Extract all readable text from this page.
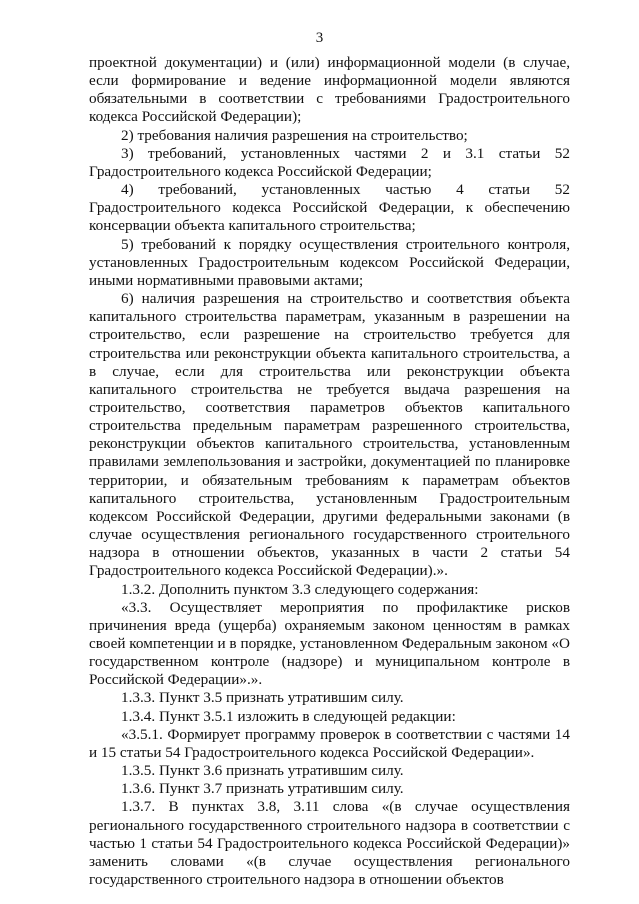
3

проектной документации) и (или) информационной модели (в случае, если формирование и ведение информационной модели являются обязательными в соответствии с требованиями Градостроительного кодекса Российской Федерации);

2) требования наличия разрешения на строительство;

3) требований, установленных частями 2 и 3.1 статьи 52 Градостроительного кодекса Российской Федерации;

4) требований, установленных частью 4 статьи 52 Градостроительного кодекса Российской Федерации, к обеспечению консервации объекта капитального строительства;

5) требований к порядку осуществления строительного контроля, установленных Градостроительным кодексом Российской Федерации, иными нормативными правовыми актами;

6) наличия разрешения на строительство и соответствия объекта капитального строительства параметрам, указанным в разрешении на строительство, если разрешение на строительство требуется для строительства или реконструкции объекта капитального строительства, а в случае, если для строительства или реконструкции объекта капитального строительства не требуется выдача разрешения на строительство, соответствия параметров объектов капитального строительства предельным параметрам разрешенного строительства, реконструкции объектов капитального строительства, установленным правилами землепользования и застройки, документацией по планировке территории, и обязательным требованиям к параметрам объектов капитального строительства, установленным Градостроительным кодексом Российской Федерации, другими федеральными законами (в случае осуществления регионального государственного строительного надзора в отношении объектов, указанных в части 2 статьи 54 Градостроительного кодекса Российской Федерации).».

1.3.2. Дополнить пунктом 3.3 следующего содержания:

«3.3. Осуществляет мероприятия по профилактике рисков причинения вреда (ущерба) охраняемым законом ценностям в рамках своей компетенции и в порядке, установленном Федеральным законом «О государственном контроле (надзоре) и муниципальном контроле в Российской Федерации».».

1.3.3. Пункт 3.5 признать утратившим силу.

1.3.4. Пункт 3.5.1 изложить в следующей редакции:

«3.5.1. Формирует программу проверок в соответствии с частями 14 и 15 статьи 54 Градостроительного кодекса Российской Федерации».

1.3.5. Пункт 3.6 признать утратившим силу.

1.3.6. Пункт 3.7 признать утратившим силу.

1.3.7. В пунктах 3.8, 3.11 слова «(в случае осуществления регионального государственного строительного надзора в соответствии с частью 1 статьи 54 Градостроительного кодекса Российской Федерации)» заменить словами «(в случае осуществления регионального государственного строительного надзора в отношении объектов
